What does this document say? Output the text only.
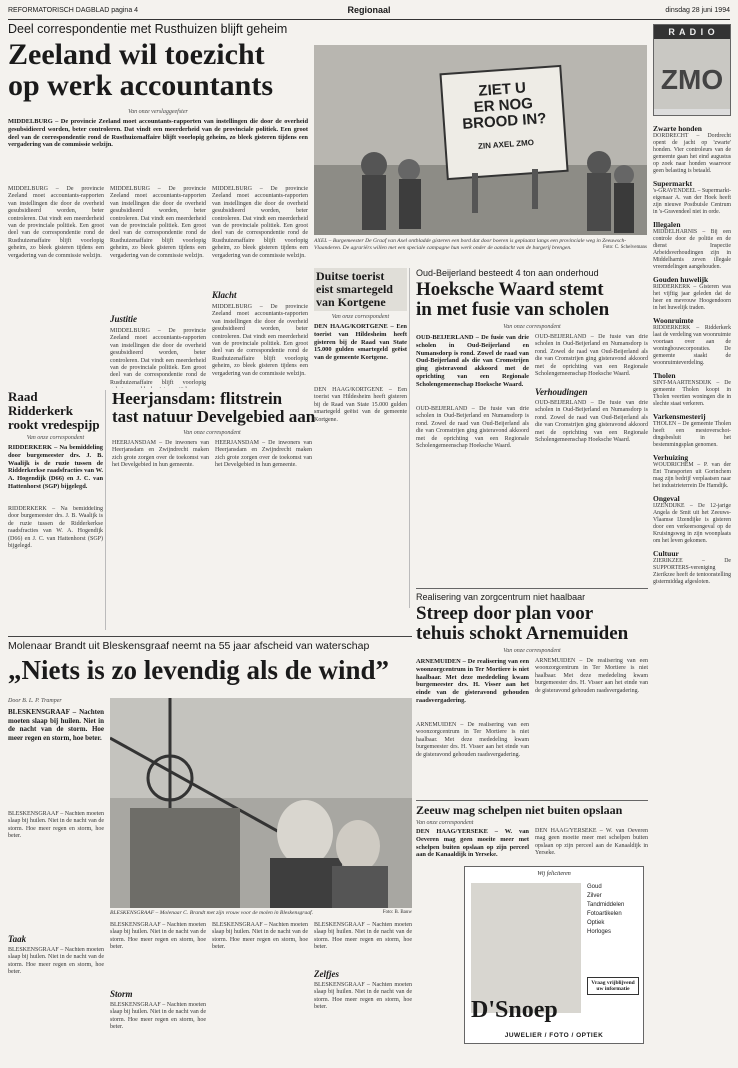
REFORMATORISCH DAGBLAD pagina 4	Regionaal	dinsdag 28 juni 1994
Deel correspondentie met Rusthuizen blijft geheim
Zeeland wil toezicht
op werk accountants
Van onze verslaggeefster
MIDDELBURG – De provincie Zeeland moet accountants-rapporten van instellingen die door de overheid gesubsidieerd worden, beter controleren. Dat vindt een meerderheid van de provinciale politiek. Een groot deel van de correspondentie rond de Rusthuizenaffaire blijft voorlopig geheim, zo bleek gisteren tijdens een vergadering van de commissie welzijn.
MIDDELBURG – De provincie Zeeland moet accountants-rapporten van instellingen die door de overheid gesubsidieerd worden, beter controleren. Dat vindt een meerderheid van de provinciale politiek. Een groot deel van de correspondentie rond de Rusthuizenaffaire blijft voorlopig geheim, zo bleek gisteren tijdens een vergadering van de commissie welzijn.
MIDDELBURG – De provincie Zeeland moet accountants-rapporten van instellingen die door de overheid gesubsidieerd worden, beter controleren. Dat vindt een meerderheid van de provinciale politiek. Een groot deel van de correspondentie rond de Rusthuizenaffaire blijft voorlopig geheim, zo bleek gisteren tijdens een vergadering van de commissie welzijn.
Justitie
MIDDELBURG – De provincie Zeeland moet accountants-rapporten van instellingen die door de overheid gesubsidieerd worden, beter controleren. Dat vindt een meerderheid van de provinciale politiek. Een groot deel van de correspondentie rond de Rusthuizenaffaire blijft voorlopig
MIDDELBURG – De provincie Zeeland moet accountants-rapporten van instellingen die door de overheid gesubsidieerd worden, beter controleren. Dat vindt een meerderheid van de provinciale politiek. Een groot deel van de correspondentie rond de Rusthuizenaffaire blijft voorlopig geheim, zo bleek gisteren tijdens een vergadering van de commissie welzijn.
Klacht
MIDDELBURG – De provincie Zeeland moet accountants-rapporten van instellingen die door de overheid gesubsidieerd worden, beter controleren. Dat vindt een meerderheid van de provinciale politiek. Een groot deel van de correspondentie rond de Rusthuizenaffaire blijft voorlopig geheim, zo bleek gisteren tijdens een vergadering van de commissie welzijn.
ZIET U
ER NOG
BROOD IN?
ZIN AXEL ZMO
AXEL – Burgemeester De Graaf van Axel ontbladde gisteren een bord dat door boeren is geplaatst langs een provinciale weg in Zeeuwsch-Vlaanderen. De agrariërs willen met een speciale campagne hun werk onder de aandacht van de burgerij brengen.	Foto: C. Schelvemans
R A D I O
ZMO
Zwarte honden
DORDRECHT – Dordrecht opent de jacht op 'zwarte' honden. Vier controleurs van de gemeente gaan het eind augustus op zoek naar honden waarvoor geen belasting is betaald.
Supermarkt
's-GRAVENDEEL – Supermarkt-eigenaar A. van der Hoek heeft zijn nieuwe Postbuisle Centrum in 's-Gravendeel niet in orde.
Illegalen
MIDDELHARNIS – Bij een controle door de politie en de dienst Inspectie Arbeidsverhoudingen zijn in Middelharnis zeven illegale vreemdelingen aangehouden.
Gouden huwelijk
RIDDERKERK – Gisteren was het vijftig jaar geleden dat de heer en mevrouw Hoogendoorn in het huwelijk traden.
Woonruimte
RIDDERKERK – Ridderkerk laat de verdeling van woonruimte voortaan over aan de woningbouwcorporaties. De gemeente staakt de woonruimteverdeling.
Tholen
SINT-MAARTENSDIJK – De gemeente Tholen koopt in Tholen veertien woningen die in slechte staat verkeren.
Varkensmesterij
THOLEN – De gemeente Tholen heeft een mestoverschot-dingsbesluit in het bestemmingsplan genomen.
Verhuizing
WOUDRICHEM – P. van der Ent Transporten uit Gorinchem mag zijn bedrijf verplaatsen naar het industrieterrein De Hamdijk.
Ongeval
IJZENDIJKE – De 12-jarige Angela de Smit uit het Zeeuws-Vlaamse IJzendijke is gisteren door een verkeersongeval op de Kruisingsweg in zijn woonplaats om het leven gekomen.
Cultuur
ZIERIKZEE – De SUPPORTERS-vereniging Zierikzee heeft de tentoonstelling gistermiddag afgesloten.
Raad Ridderkerk rookt vredespijp
Van onze correspondent
RIDDERKERK – Na bemiddeling door burgemeester drs. J. B. Waalijk is de ruzie tussen de Ridderkerkse raadsfracties van W. A. Hogendijk (D66) en J. C. van Hattenhorst (SGP) bijgelegd.
RIDDERKERK – Na bemiddeling door burgemeester drs. J. B. Waalijk is de ruzie tussen de Ridderkerkse raadsfracties van W. A. Hogendijk (D66) en J. C. van Hattenhorst (SGP) bijgelegd.
Heerjansdam: flitstrein
tast natuur Develgebied aan
Van onze correspondent
HEERJANSDAM – De inwoners van Heerjansdam en Zwijndrecht maken zich grote zorgen over de toekomst van het Develgebied in hun gemeente.
HEERJANSDAM – De inwoners van Heerjansdam en Zwijndrecht maken zich grote zorgen over de toekomst van het Develgebied in hun gemeente.
Duitse toerist
eist smartegeld
van Kortgene
Van onze correspondent
DEN HAAG/KORTGENE – Een toerist van Hildesheim heeft gisteren bij de Raad van State 15.000 gulden smartegeld geëist van de gemeente Kortgene.
DEN HAAG/KORTGENE – Een toerist van Hildesheim heeft gisteren bij de Raad van State 15.000 gulden smartegeld geëist van de gemeente Kortgene.
Oud-Beijerland besteedt 4 ton aan onderhoud
Hoeksche Waard stemt
in met fusie van scholen
Van onze correspondent
OUD-BEIJERLAND – De fusie van drie scholen in Oud-Beijerland en Numansdorp is rond. Zowel de raad van Oud-Beijerland als die van Cromstrijen ging gisteravond akkoord met de oprichting van een Regionale Scholengemeenschap Hoeksche Waard.
OUD-BEIJERLAND – De fusie van drie scholen in Oud-Beijerland en Numansdorp is rond. Zowel de raad van Oud-Beijerland als die van Cromstrijen ging gisteravond akkoord met de oprichting van een Regionale Scholengemeenschap Hoeksche Waard.
OUD-BEIJERLAND – De fusie van drie scholen in Oud-Beijerland en Numansdorp is rond. Zowel de raad van Oud-Beijerland als die van Cromstrijen ging gisteravond akkoord met de oprichting van een Regionale Scholengemeenschap Hoeksche Waard.
Verhoudingen
OUD-BEIJERLAND – De fusie van drie scholen in Oud-Beijerland en Numansdorp is rond. Zowel de raad van Oud-Beijerland als die van Cromstrijen ging gisteravond akkoord met de oprichting van een Regionale Scholengemeenschap Hoeksche Waard.
Realisering van zorgcentrum niet haalbaar
Streep door plan voor
tehuis schokt Arnemuiden
Van onze correspondent
ARNEMUIDEN – De realisering van een woonzorgcentrum in Ter Mortiere is niet haalbaar. Met deze mededeling kwam burgemeester drs. H. Visser aan het einde van de gisteravond gehouden raadsvergadering.
ARNEMUIDEN – De realisering van een woonzorgcentrum in Ter Mortiere is niet haalbaar. Met deze mededeling kwam burgemeester drs. H. Visser aan het einde van de gisteravond gehouden raadsvergadering.
ARNEMUIDEN – De realisering van een woonzorgcentrum in Ter Mortiere is niet haalbaar. Met deze mededeling kwam burgemeester drs. H. Visser aan het einde van de gisteravond gehouden raadsvergadering.
Zeeuw mag schelpen niet buiten opslaan
Van onze correspondent
DEN HAAG/YERSEKE – W. van Oeveren mag geen moeite meer met schelpen buiten opslaan op zijn perceel aan de Kanaaldijk in Yerseke.
DEN HAAG/YERSEKE – W. van Oeveren mag geen moeite meer met schelpen buiten opslaan op zijn perceel aan de Kanaaldijk in Yerseke.
Wij feliciteren
D'Snoep
Goud
Zilver
Tandmiddelen
Fotoartikelen
Optiek
Horloges
Vraag vrijblijvend uw informatie
JUWELIER / FOTO / OPTIEK
Molenaar Brandt uit Bleskensgraaf neemt na 55 jaar afscheid van waterschap
„Niets is zo levendig als de wind”
Door B. L. P. Tramper
BLESKENSGRAAF – Nachten moeten slaap bij huilen. Niet in de nacht van de storm. Hoe meer regen en storm, hoe beter.
BLESKENSGRAAF – Nachten moeten slaap bij huilen. Niet in de nacht van de storm. Hoe meer regen en storm, hoe beter.
Taak
BLESKENSGRAAF – Nachten moeten slaap bij huilen. Niet in de nacht van de storm. Hoe meer regen en storm, hoe beter.
BLESKENSGRAAF – Molenaar C. Brandt met zijn vrouw voor de molen in Bleskensgraaf.	Foto: B. Bauw
BLESKENSGRAAF – Nachten moeten slaap bij huilen. Niet in de nacht van de storm. Hoe meer regen en storm, hoe beter.
Storm
BLESKENSGRAAF – Nachten moeten slaap bij huilen. Niet in de nacht van de storm. Hoe meer regen en storm, hoe beter.
BLESKENSGRAAF – Nachten moeten slaap bij huilen. Niet in de nacht van de storm. Hoe meer regen en storm, hoe beter.
BLESKENSGRAAF – Nachten moeten slaap bij huilen. Niet in de nacht van de storm. Hoe meer regen en storm, hoe beter.
Zelfjes
BLESKENSGRAAF – Nachten moeten slaap bij huilen. Niet in de nacht van de storm. Hoe meer regen en storm, hoe beter.
